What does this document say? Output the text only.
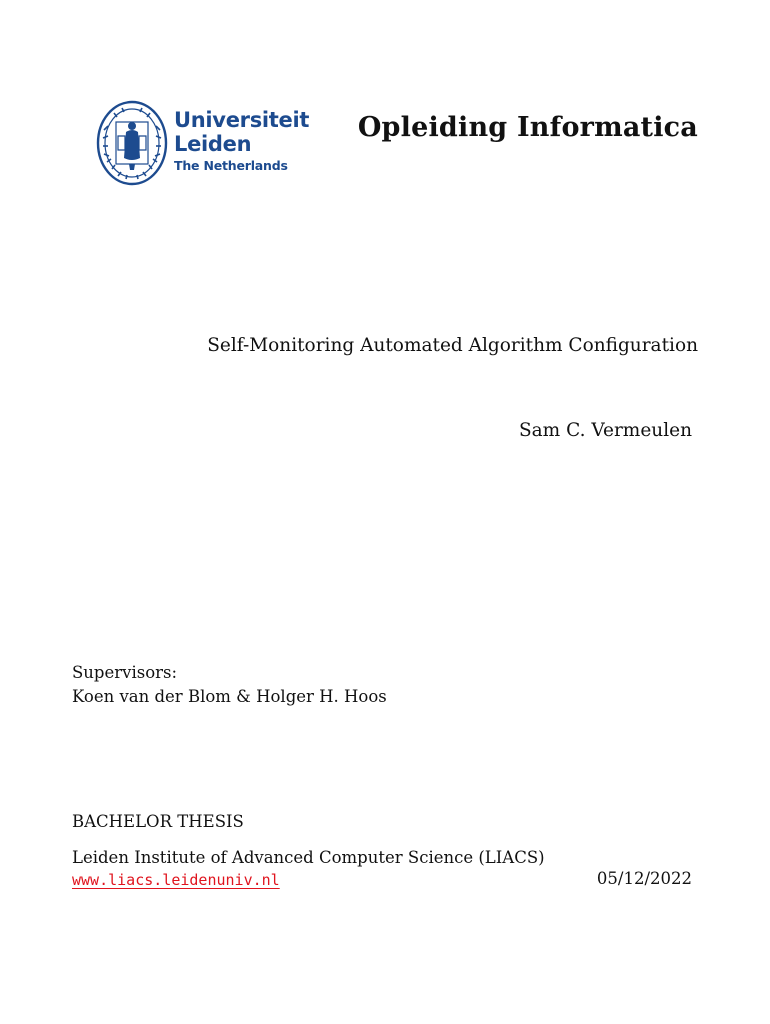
Universiteit
Leiden
The Netherlands
Opleiding Informatica
Self-Monitoring Automated Algorithm Configuration
Sam C. Vermeulen
Supervisors:
Koen van der Blom & Holger H. Hoos
BACHELOR THESIS
Leiden Institute of Advanced Computer Science (LIACS)
www.liacs.leidenuniv.nl	05/12/2022
